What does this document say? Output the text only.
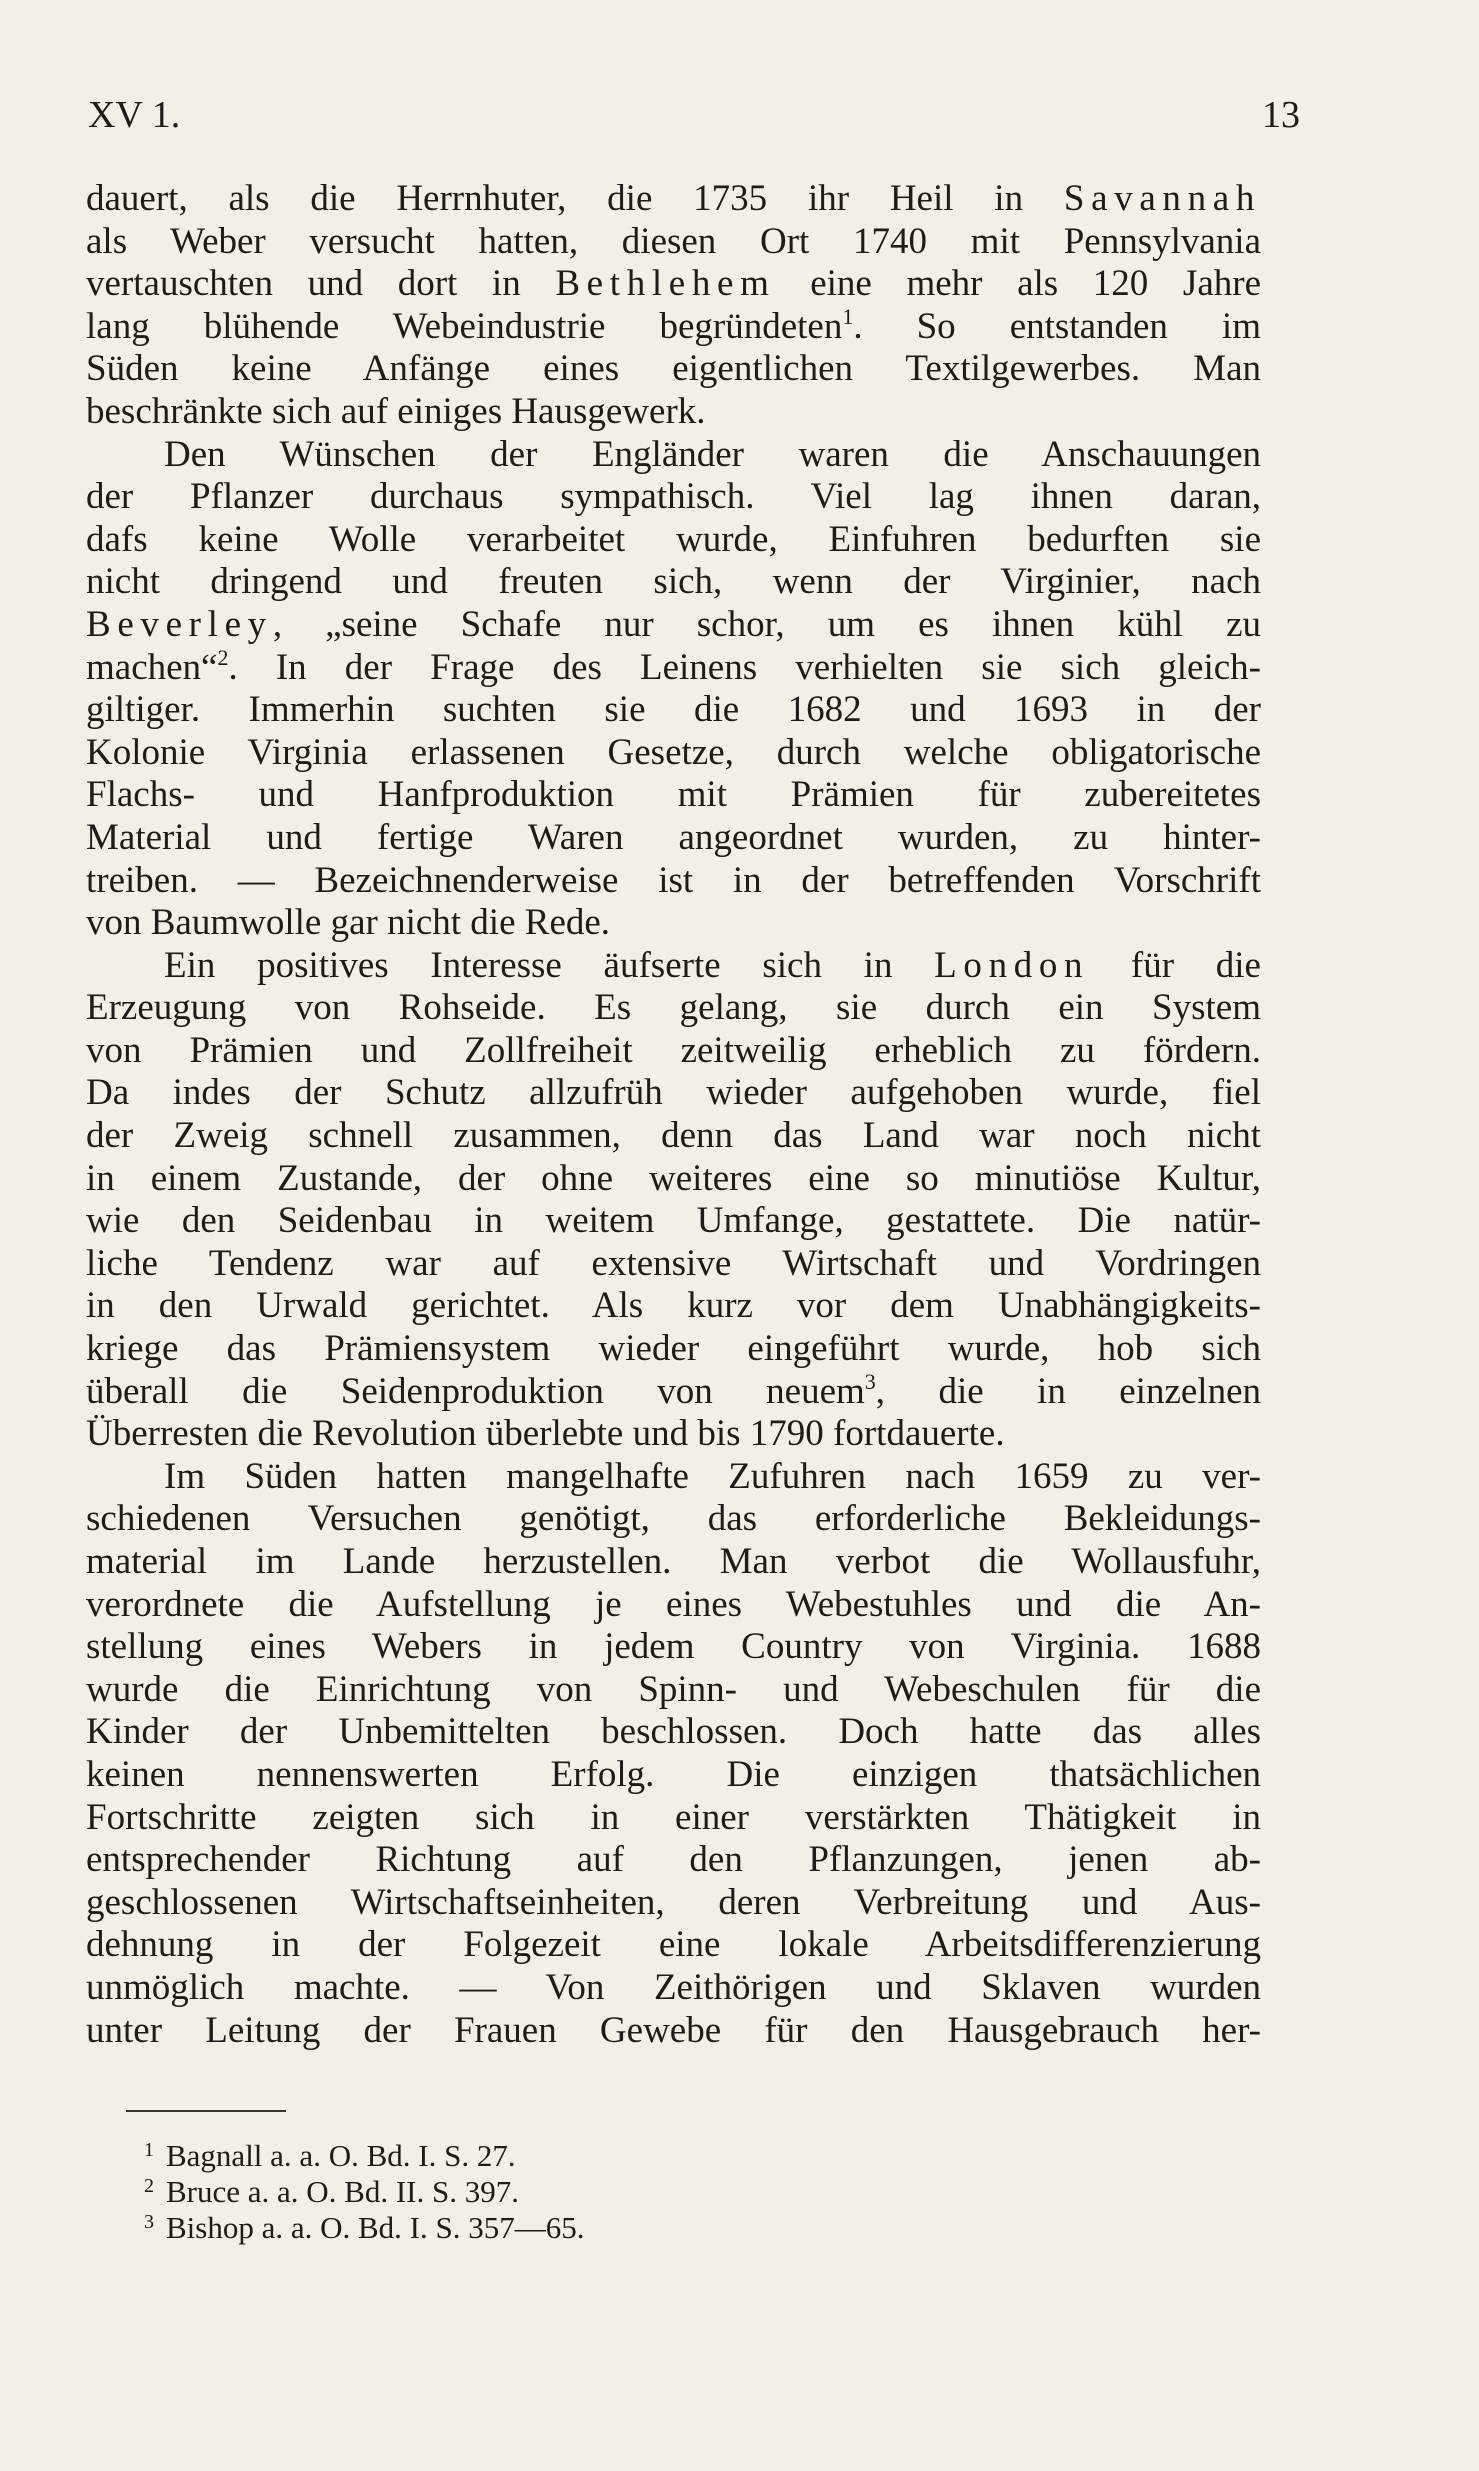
XV 1.	13
dauert, als die Herrnhuter, die 1735 ihr Heil in Savannah
als Weber versucht hatten, diesen Ort 1740 mit Pennsylvania
vertauschten und dort in Bethlehem eine mehr als 120 Jahre
lang blühende Webeindustrie begründeten$^1$. So entstanden im
Süden keine Anfänge eines eigentlichen Textilgewerbes. Man
beschränkte sich auf einiges Hausgewerk.
Den Wünschen der Engländer waren die Anschauungen
der Pflanzer durchaus sympathisch. Viel lag ihnen daran,
dafs keine Wolle verarbeitet wurde, Einfuhren bedurften sie
nicht dringend und freuten sich, wenn der Virginier, nach
Beverley, „seine Schafe nur schor, um es ihnen kühl zu
machen“$^2$. In der Frage des Leinens verhielten sie sich gleich-
giltiger. Immerhin suchten sie die 1682 und 1693 in der
Kolonie Virginia erlassenen Gesetze, durch welche obligatorische
Flachs- und Hanfproduktion mit Prämien für zubereitetes
Material und fertige Waren angeordnet wurden, zu hinter-
treiben. — Bezeichnenderweise ist in der betreffenden Vorschrift
von Baumwolle gar nicht die Rede.
Ein positives Interesse äufserte sich in London für die
Erzeugung von Rohseide. Es gelang, sie durch ein System
von Prämien und Zollfreiheit zeitweilig erheblich zu fördern.
Da indes der Schutz allzufrüh wieder aufgehoben wurde, fiel
der Zweig schnell zusammen, denn das Land war noch nicht
in einem Zustande, der ohne weiteres eine so minutiöse Kultur,
wie den Seidenbau in weitem Umfange, gestattete. Die natür-
liche Tendenz war auf extensive Wirtschaft und Vordringen
in den Urwald gerichtet. Als kurz vor dem Unabhängigkeits-
kriege das Prämiensystem wieder eingeführt wurde, hob sich
überall die Seidenproduktion von neuem$^3$, die in einzelnen
Überresten die Revolution überlebte und bis 1790 fortdauerte.
Im Süden hatten mangelhafte Zufuhren nach 1659 zu ver-
schiedenen Versuchen genötigt, das erforderliche Bekleidungs-
material im Lande herzustellen. Man verbot die Wollausfuhr,
verordnete die Aufstellung je eines Webestuhles und die An-
stellung eines Webers in jedem Country von Virginia. 1688
wurde die Einrichtung von Spinn- und Webeschulen für die
Kinder der Unbemittelten beschlossen. Doch hatte das alles
keinen nennenswerten Erfolg. Die einzigen thatsächlichen
Fortschritte zeigten sich in einer verstärkten Thätigkeit in
entsprechender Richtung auf den Pflanzungen, jenen ab-
geschlossenen Wirtschaftseinheiten, deren Verbreitung und Aus-
dehnung in der Folgezeit eine lokale Arbeitsdifferenzierung
unmöglich machte. — Von Zeithörigen und Sklaven wurden
unter Leitung der Frauen Gewebe für den Hausgebrauch her-
1 Bagnall a. a. O. Bd. I. S. 27.
2 Bruce a. a. O. Bd. II. S. 397.
3 Bishop a. a. O. Bd. I. S. 357—65.
